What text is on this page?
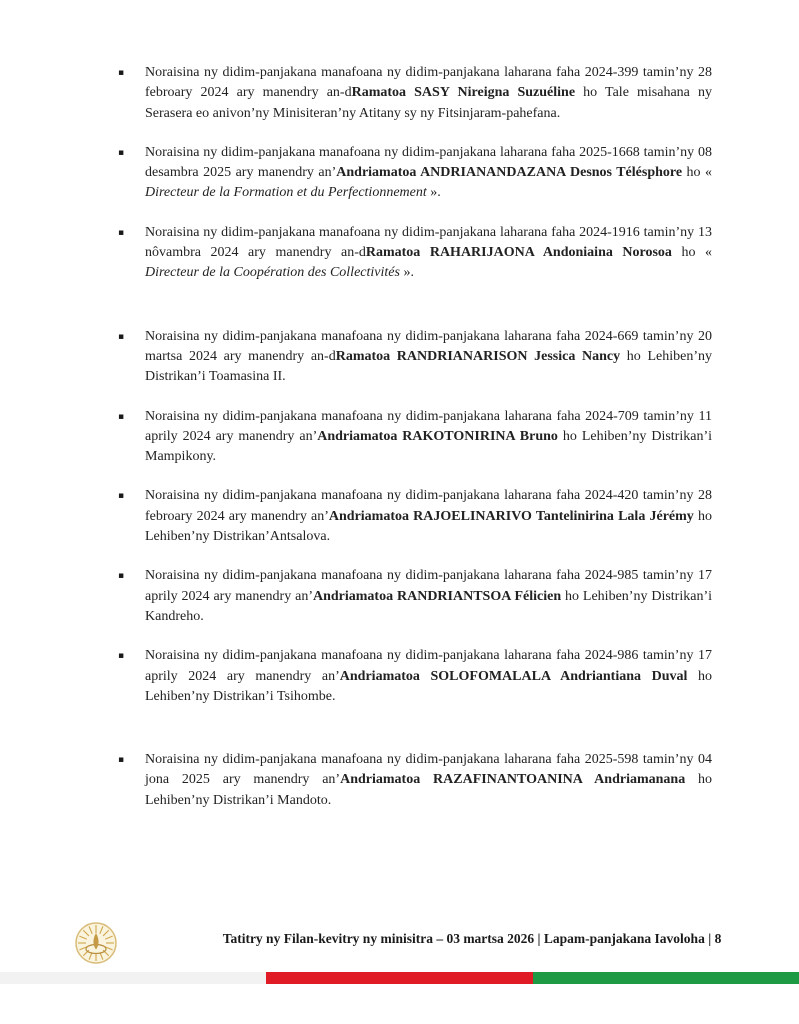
▪ Noraisina ny didim-panjakana manafoana ny didim-panjakana laharana faha 2024-399 tamin’ny 28 febroary 2024 ary manendry an-dRamatoa SASY Nireigna Suzuéline ho Tale misahana ny Serasera eo anivon’ny Minisiteran’ny Atitany sy ny Fitsinjaram-pahefana.
▪ Noraisina ny didim-panjakana manafoana ny didim-panjakana laharana faha 2025-1668 tamin’ny 08 desambra 2025 ary manendry an’Andriamatoa ANDRIANANDAZANA Desnos Télésphore ho « Directeur de la Formation et du Perfectionnement ».
▪ Noraisina ny didim-panjakana manafoana ny didim-panjakana laharana faha 2024-1916 tamin’ny 13 nôvambra 2024 ary manendry an-dRamatoa RAHARIJAONA Andoniaina Norosoa ho « Directeur de la Coopération des Collectivités ».
▪ Noraisina ny didim-panjakana manafoana ny didim-panjakana laharana faha 2024-669 tamin’ny 20 martsa 2024 ary manendry an-dRamatoa RANDRIANARISON Jessica Nancy ho Lehiben’ny Distrikan’i Toamasina II.
▪ Noraisina ny didim-panjakana manafoana ny didim-panjakana laharana faha 2024-709 tamin’ny 11 aprily 2024 ary manendry an’Andriamatoa RAKOTONIRINA Bruno ho Lehiben’ny Distrikan’i Mampikony.
▪ Noraisina ny didim-panjakana manafoana ny didim-panjakana laharana faha 2024-420 tamin’ny 28 febroary 2024 ary manendry an’Andriamatoa RAJOELINARIVO Tantelinirina Lala Jérémy ho Lehiben’ny Distrikan’Antsalova.
▪ Noraisina ny didim-panjakana manafoana ny didim-panjakana laharana faha 2024-985 tamin’ny 17 aprily 2024 ary manendry an’Andriamatoa RANDRIANTSOA Félicien ho Lehiben’ny Distrikan’i Kandreho.
▪ Noraisina ny didim-panjakana manafoana ny didim-panjakana laharana faha 2024-986 tamin’ny 17 aprily 2024 ary manendry an’Andriamatoa SOLOFOMALALA Andriantiana Duval ho Lehiben’ny Distrikan’i Tsihombe.
▪ Noraisina ny didim-panjakana manafoana ny didim-panjakana laharana faha 2025-598 tamin’ny 04 jona 2025 ary manendry an’Andriamatoa RAZAFINANTOANINA Andriamanana ho Lehiben’ny Distrikan’i Mandoto.
Tatitry ny Filan-kevitry ny minisitra – 03 martsa 2026 | Lapam-panjakana Iavoloha | 8
